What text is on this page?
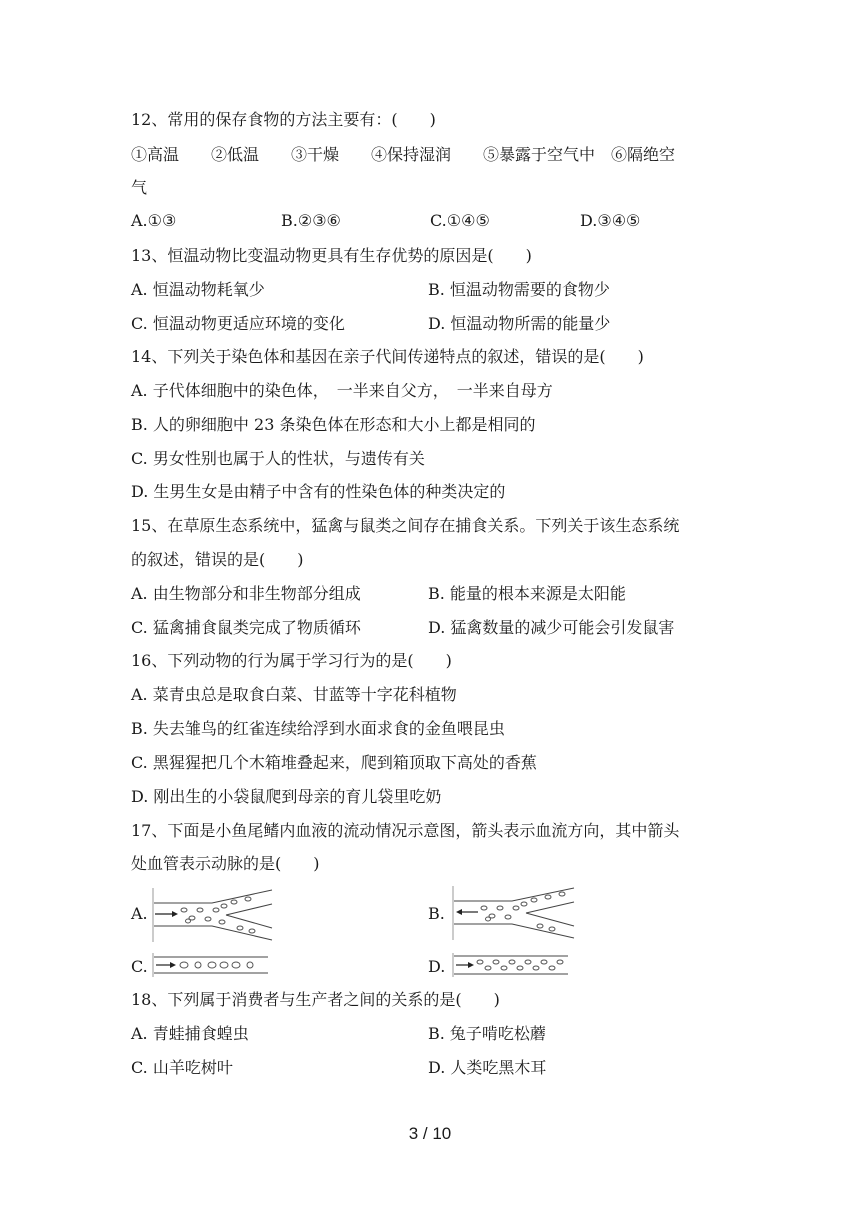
12、常用的保存食物的方法主要有：(　　)
①高温　　②低温　　③干燥　　④保持湿润　　⑤暴露于空气中　⑥隔绝空
气
A.①③	B.②③⑥	C.①④⑤	D.③④⑤
13、恒温动物比变温动物更具有生存优势的原因是(　　)
A. 恒温动物耗氧少	B. 恒温动物需要的食物少
C. 恒温动物更适应环境的变化	D. 恒温动物所需的能量少
14、下列关于染色体和基因在亲子代间传递特点的叙述，错误的是(　　)
A. 子代体细胞中的染色体，　一半来自父方，　一半来自母方
B. 人的卵细胞中 23 条染色体在形态和大小上都是相同的
C. 男女性别也属于人的性状，与遗传有关
D. 生男生女是由精子中含有的性染色体的种类决定的
15、在草原生态系统中，猛禽与鼠类之间存在捕食关系。下列关于该生态系统
的叙述，错误的是(　　)
A. 由生物部分和非生物部分组成	B. 能量的根本来源是太阳能
C. 猛禽捕食鼠类完成了物质循环	D. 猛禽数量的减少可能会引发鼠害
16、下列动物的行为属于学习行为的是(　　)
A. 菜青虫总是取食白菜、甘蓝等十字花科植物
B. 失去雏鸟的红雀连续给浮到水面求食的金鱼喂昆虫
C. 黑猩猩把几个木箱堆叠起来，爬到箱顶取下高处的香蕉
D. 刚出生的小袋鼠爬到母亲的育儿袋里吃奶
17、下面是小鱼尾鳍内血液的流动情况示意图，箭头表示血流方向，其中箭头
处血管表示动脉的是(　　)
A.	B.
C.	D.
18、下列属于消费者与生产者之间的关系的是(　　)
A. 青蛙捕食蝗虫	B. 兔子啃吃松蘑
C. 山羊吃树叶	D. 人类吃黑木耳
3 / 10
